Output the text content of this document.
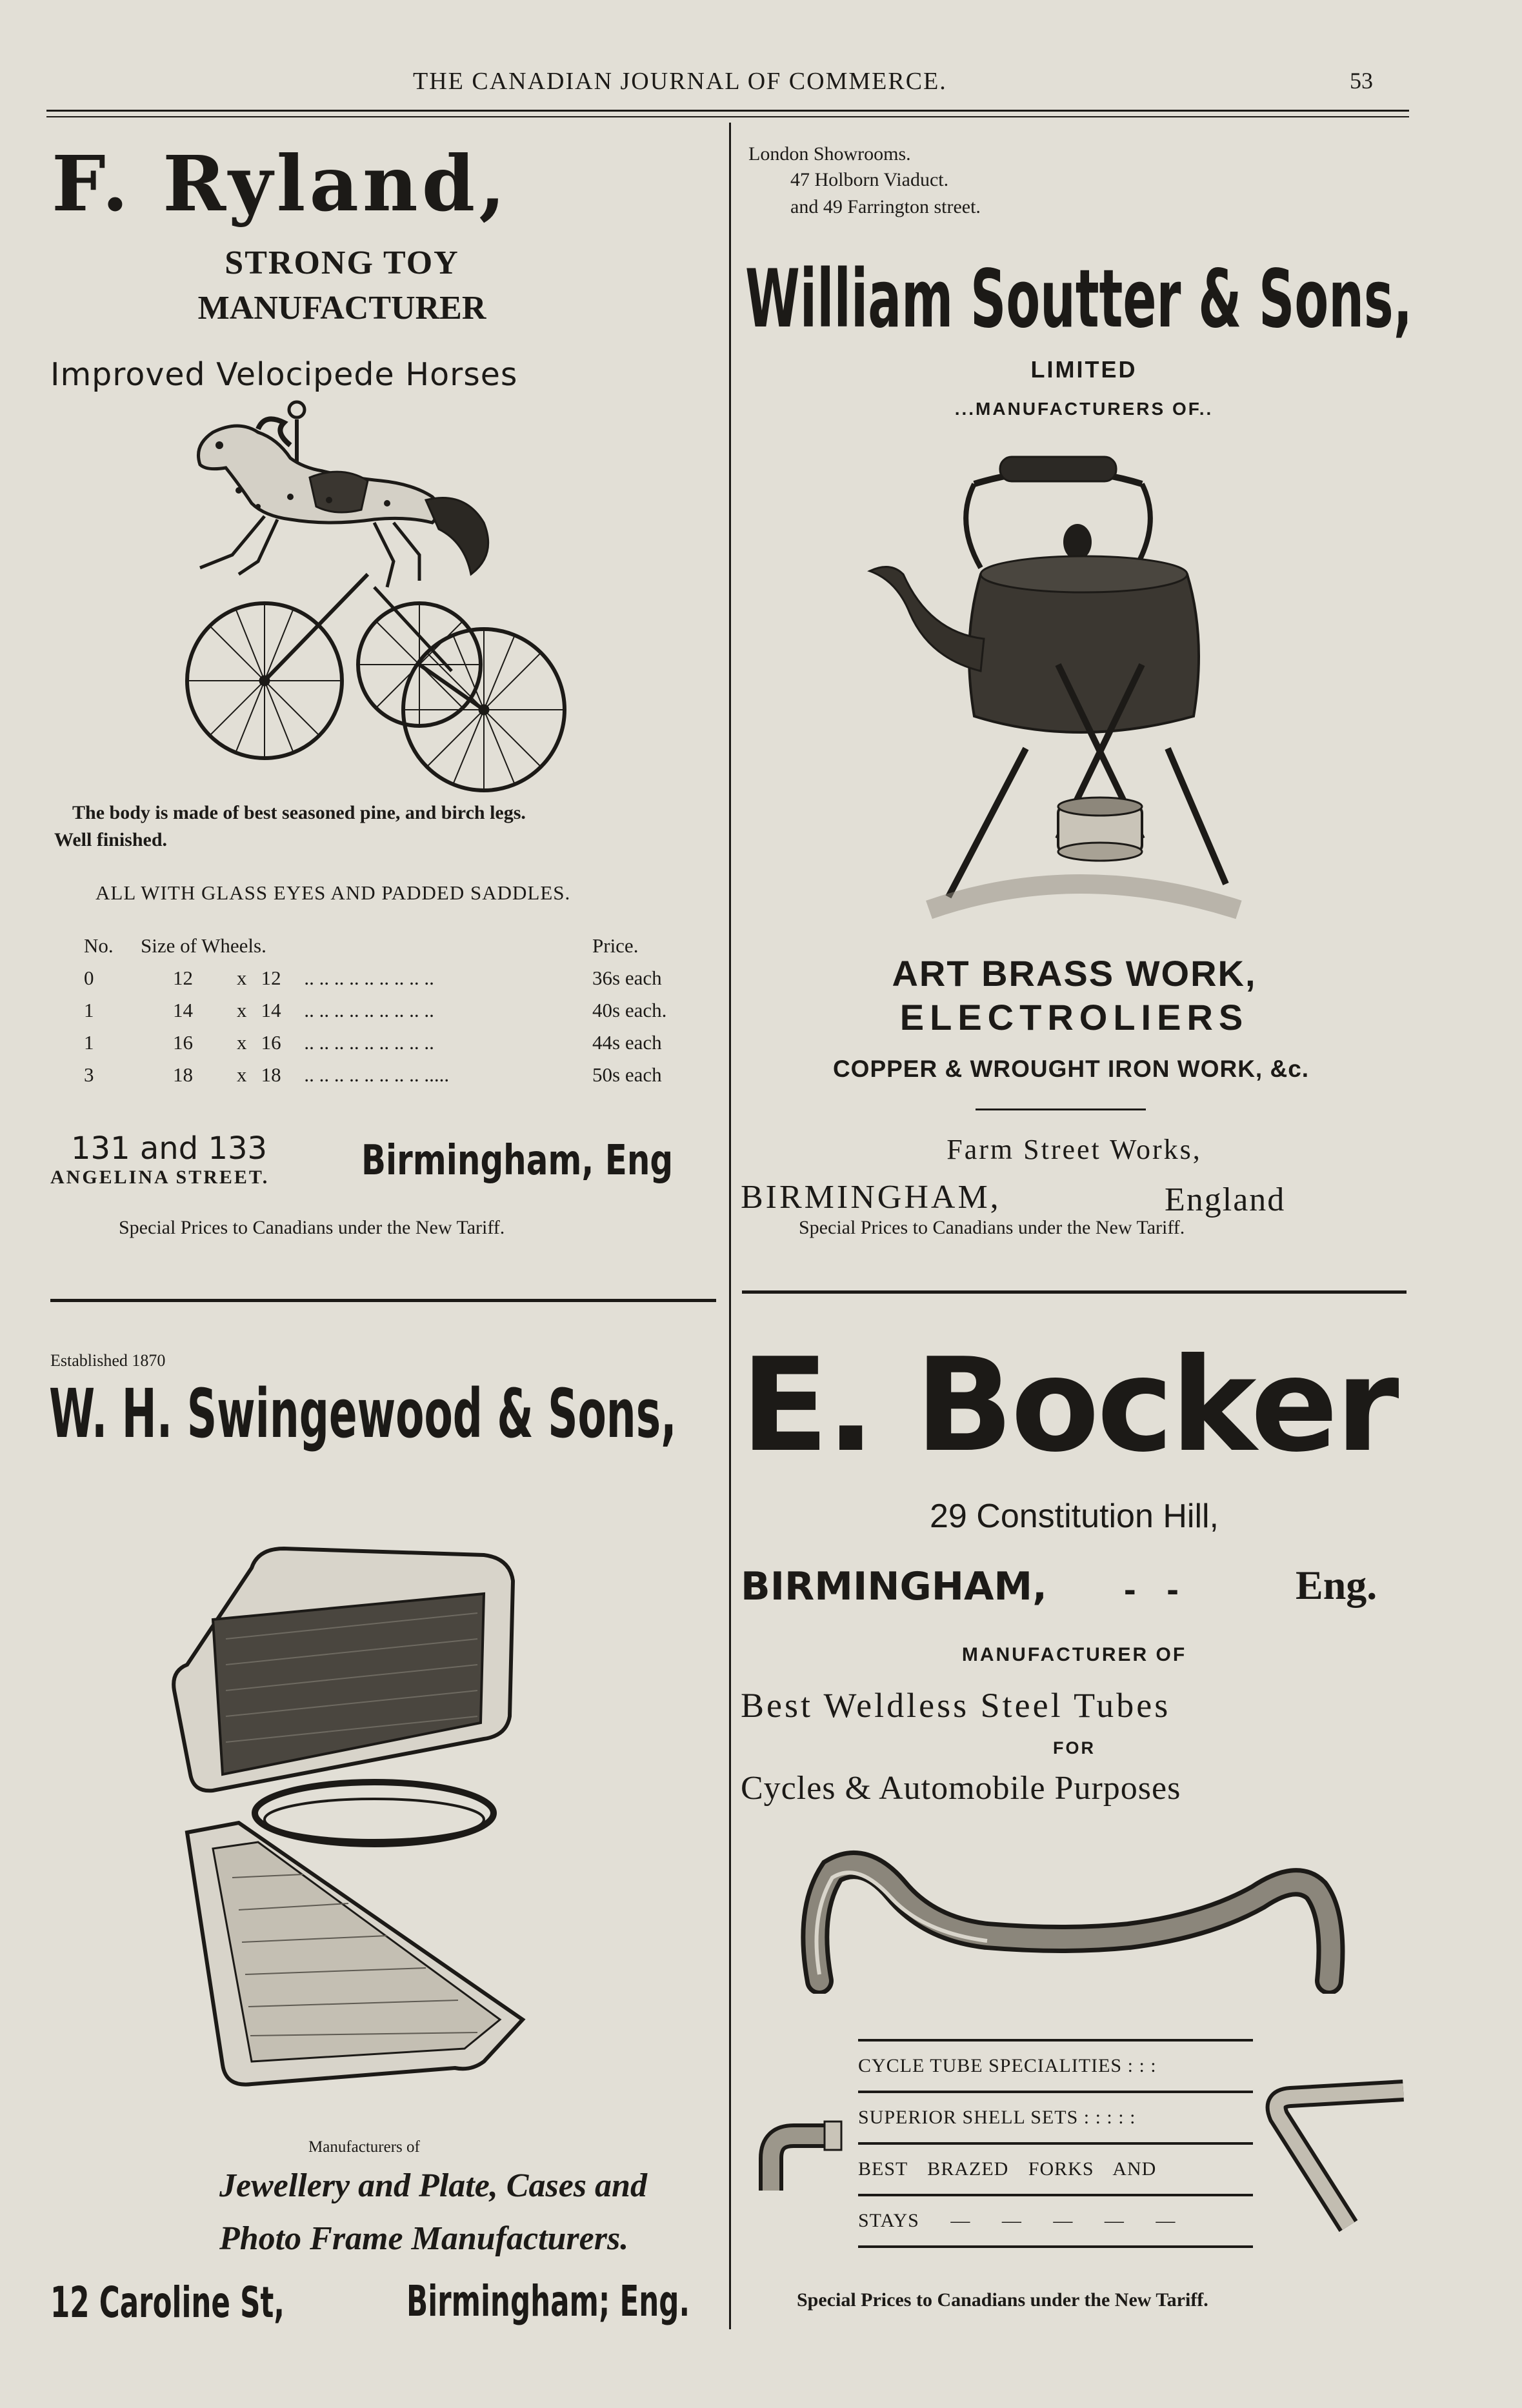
THE CANADIAN JOURNAL OF COMMERCE.	53
F. Ryland,
STRONG TOY
MANUFACTURER
Improved Velocipede Horses
The body is made of best seasoned pine, and birch legs.
Well finished.
ALL WITH GLASS EYES AND PADDED SADDLES.
No.	Size of Wheels.				Price.
0	12	x	12	.. .. .. .. .. .. .. .. ..	36s each
1	14	x	14	.. .. .. .. .. .. .. .. ..	40s each.
1	16	x	16	.. .. .. .. .. .. .. .. ..	44s each
3	18	x	18	.. .. .. .. .. .. .. .. .....	50s each
131 and 133
ANGELINA STREET. Birmingham, Eng
Special Prices to Canadians under the New Tariff.
London Showrooms.
47 Holborn Viaduct.
and 49 Farrington street.
William Soutter & Sons,
LIMITED
...MANUFACTURERS OF..
ART BRASS WORK,
ELECTROLIERS
COPPER & WROUGHT IRON WORK, &c.
Farm Street Works,
BIRMINGHAM,	England
Special Prices to Canadians under the New Tariff.
Established 1870
W. H. Swingewood & Sons,
Manufacturers of
Jewellery and Plate, Cases and
Photo Frame Manufacturers.
12 Caroline St,	Birmingham; Eng.
E. Bocker
29 Constitution Hill,
BIRMINGHAM, - -	Eng.
MANUFACTURER OF
Best Weldless Steel Tubes
FOR
Cycles & Automobile Purposes
CYCLE TUBE SPECIALITIES : : :
SUPERIOR SHELL SETS : : : : :
BEST BRAZED FORKS AND
STAYS — — — — —
Special Prices to Canadians under the New Tariff.
